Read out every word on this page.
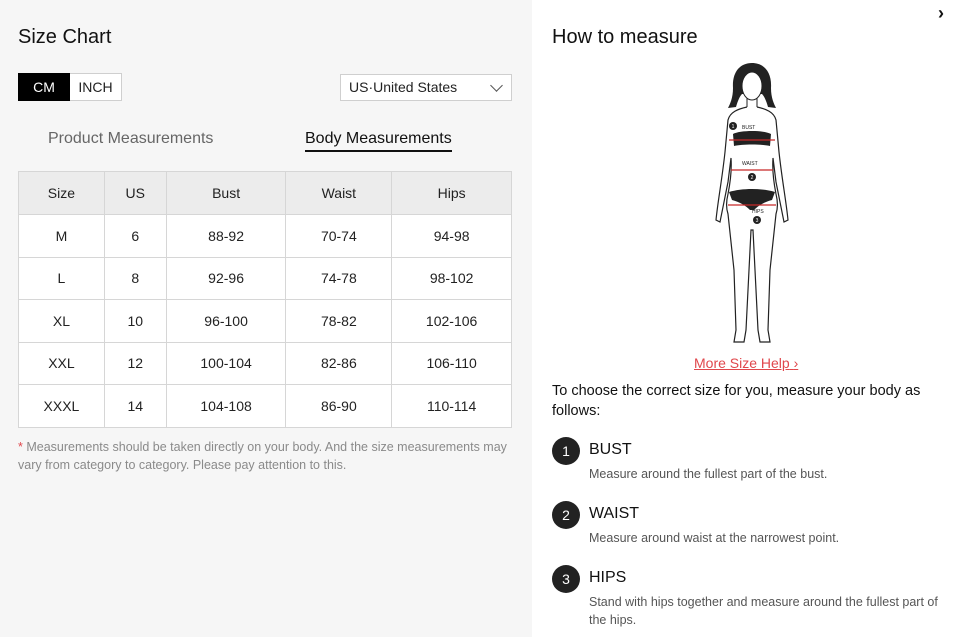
Size Chart
CM	INCH	US·United States
Product Measurements	Body Measurements
Size	US	Bust	Waist	Hips
M	6	88-92	70-74	94-98
L	8	92-96	74-78	98-102
XL	10	96-100	78-82	102-106
XXL	12	100-104	82-86	106-110
XXXL	14	104-108	86-90	110-114
* Measurements should be taken directly on your body. And the size measurements may vary from category to category. Please pay attention to this.
›
How to measure
BUST
1
WAIST
2
HIPS
3
More Size Help ›
To choose the correct size for you, measure your body as follows:
1	BUST
Measure around the fullest part of the bust.
2	WAIST
Measure around waist at the narrowest point.
3	HIPS
Stand with hips together and measure around the fullest part of the hips.
